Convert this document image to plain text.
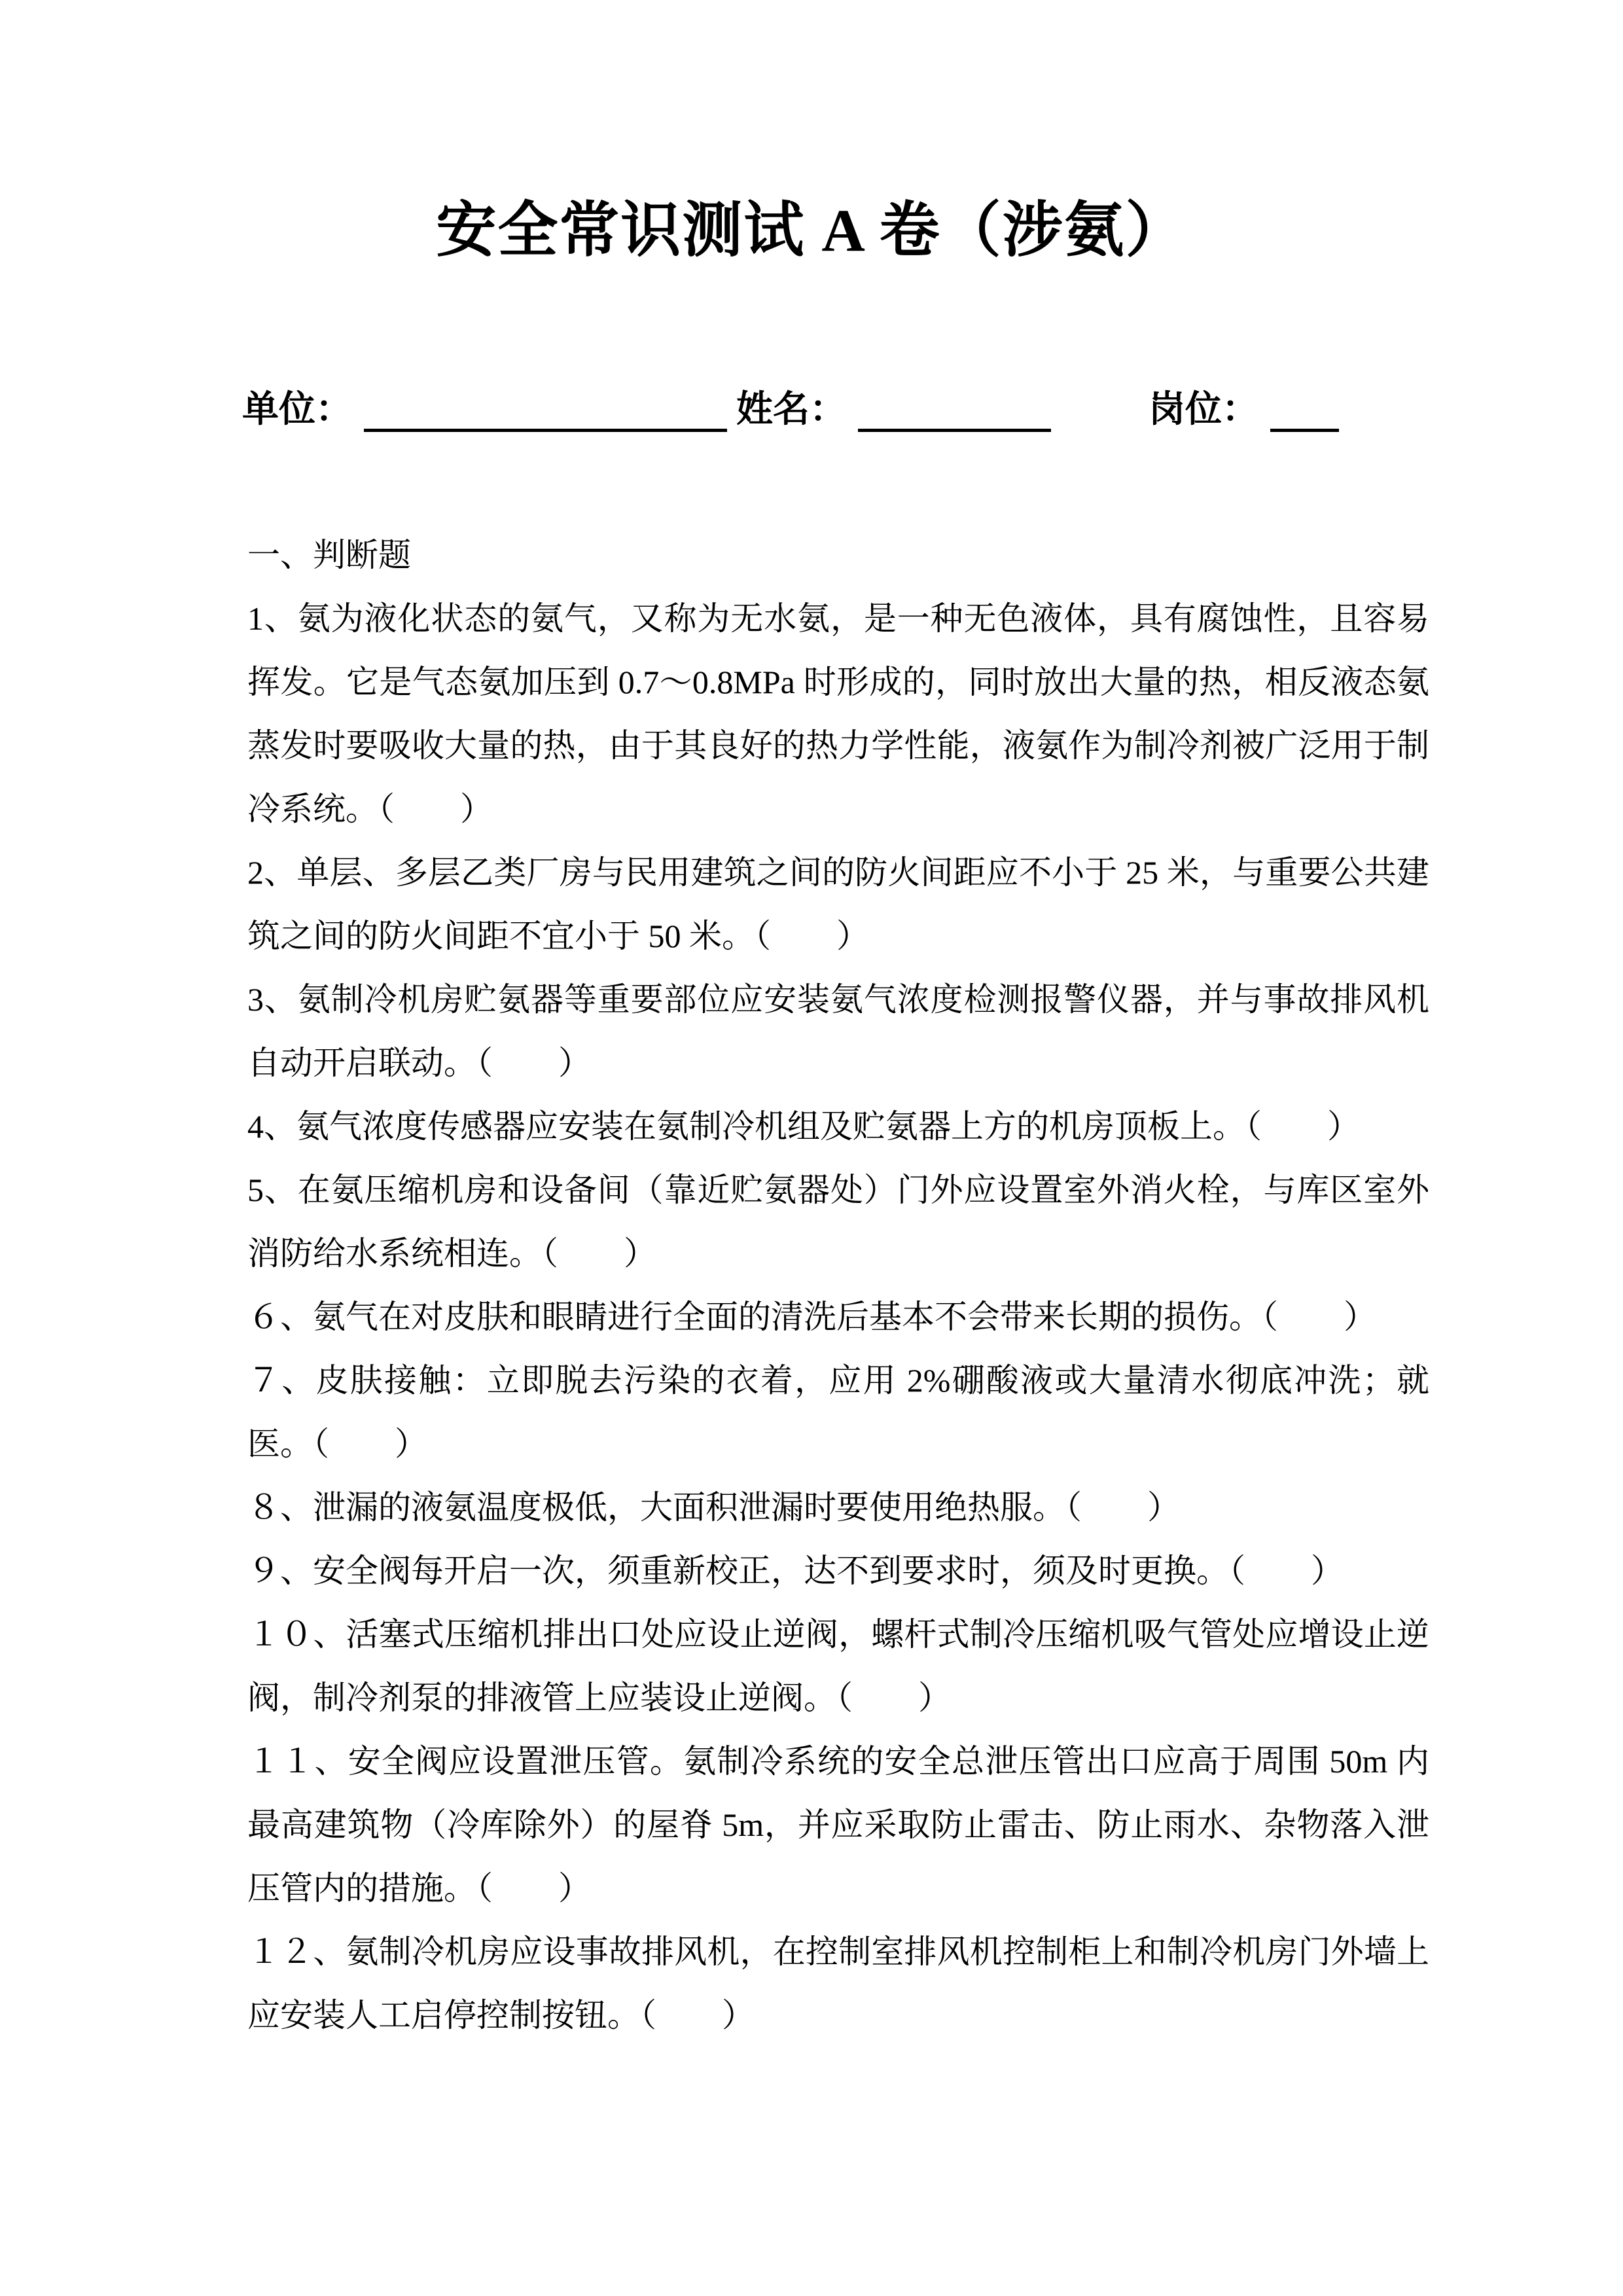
安全常识测试 A 卷（涉氨）
单位：	姓名：	岗位：

一、判断题

1、氨为液化状态的氨气，又称为无水氨，是一种无色液体，具有腐蚀性，且容易挥发。它是气态氨加压到 0.7～0.8MPa 时形成的，同时放出大量的热，相反液态氨蒸发时要吸收大量的热，由于其良好的热力学性能，液氨作为制冷剂被广泛用于制冷系统。（　　）

2、单层、多层乙类厂房与民用建筑之间的防火间距应不小于 25 米，与重要公共建筑之间的防火间距不宜小于 50 米。（　　）

3、氨制冷机房贮氨器等重要部位应安装氨气浓度检测报警仪器，并与事故排风机自动开启联动。（　　）

4、氨气浓度传感器应安装在氨制冷机组及贮氨器上方的机房顶板上。（　　）

5、在氨压缩机房和设备间（靠近贮氨器处）门外应设置室外消火栓，与库区室外消防给水系统相连。（　　）

６、氨气在对皮肤和眼睛进行全面的清洗后基本不会带来长期的损伤。（　　）

７、皮肤接触：立即脱去污染的衣着，应用 2%硼酸液或大量清水彻底冲洗；就医。（　　）

８、泄漏的液氨温度极低，大面积泄漏时要使用绝热服。（　　）

９、安全阀每开启一次，须重新校正，达不到要求时，须及时更换。（　　）

１０、活塞式压缩机排出口处应设止逆阀，螺杆式制冷压缩机吸气管处应增设止逆阀，制冷剂泵的排液管上应装设止逆阀。（　　）

１１、安全阀应设置泄压管。氨制冷系统的安全总泄压管出口应高于周围 50m 内最高建筑物（冷库除外）的屋脊 5m，并应采取防止雷击、防止雨水、杂物落入泄压管内的措施。（　　）

１２、氨制冷机房应设事故排风机，在控制室排风机控制柜上和制冷机房门外墙上应安装人工启停控制按钮。（　　）
